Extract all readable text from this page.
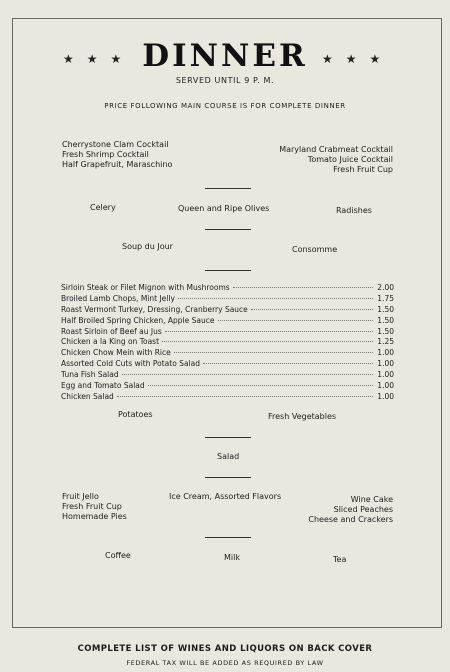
★★★	★★★
DINNER
SERVED UNTIL 9 P. M.
PRICE FOLLOWING MAIN COURSE IS FOR COMPLETE DINNER
Cherrystone Clam Cocktail
Fresh Shrimp Cocktail
Half Grapefruit, Maraschino
Maryland Crabmeat Cocktail
Tomato Juice Cocktail
Fresh Fruit Cup
Celery	Queen and Ripe Olives	Radishes
Soup du Jour	Consomme
Sirloin Steak or Filet Mignon with Mushrooms	2.00
Broiled Lamb Chops, Mint Jelly	1.75
Roast Vermont Turkey, Dressing, Cranberry Sauce	1.50
Half Broiled Spring Chicken, Apple Sauce	1.50
Roast Sirloin of Beef au Jus	1.50
Chicken a la King on Toast	1.25
Chicken Chow Mein with Rice	1.00
Assorted Cold Cuts with Potato Salad	1.00
Tuna Fish Salad	1.00
Egg and Tomato Salad	1.00
Chicken Salad	1.00
Potatoes	Fresh Vegetables
Salad
Fruit Jello
Fresh Fruit Cup
Homemade Pies
Ice Cream, Assorted Flavors	Wine Cake
Sliced Peaches
Cheese and Crackers
Coffee	Milk	Tea
COMPLETE LIST OF WINES AND LIQUORS ON BACK COVER
FEDERAL TAX WILL BE ADDED AS REQUIRED BY LAW
